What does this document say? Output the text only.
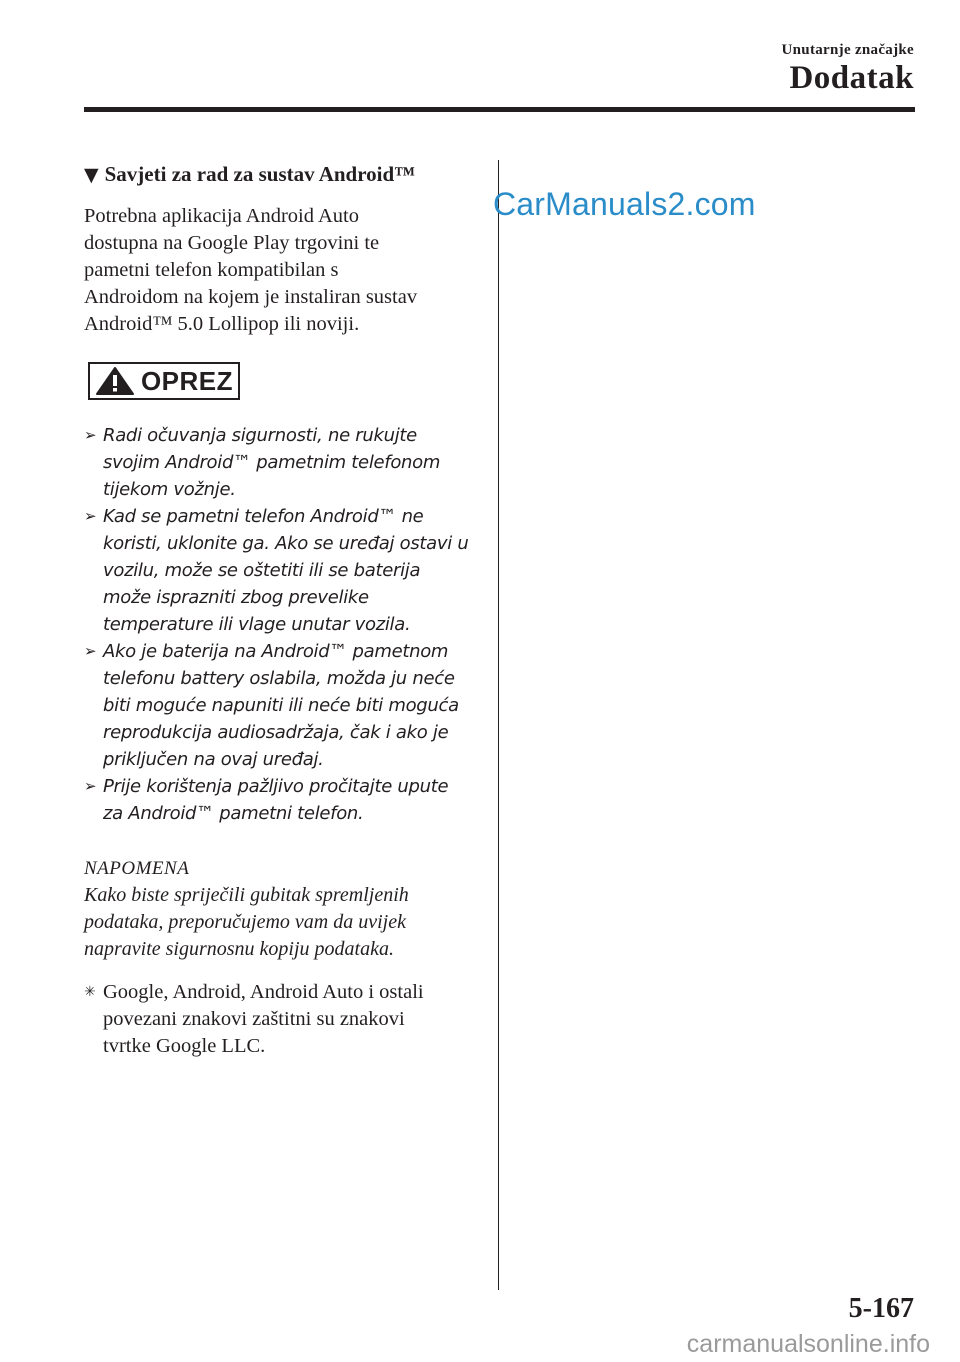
Unutarnje značajke
Dodatak
CarManuals2.com
▼ Savjeti za rad za sustav Android™

Potrebna aplikacija Android Auto
dostupna na Google Play trgovini te
pametni telefon kompatibilan s
Androidom na kojem je instaliran sustav
Android™ 5.0 Lollipop ili noviji.

OPREZ
➢ Radi očuvanja sigurnosti, ne rukujte
svojim Android™ pametnim telefonom
tijekom vožnje.
➢ Kad se pametni telefon Android™ ne
koristi, uklonite ga. Ako se uređaj ostavi u
vozilu, može se oštetiti ili se baterija
može isprazniti zbog prevelike
temperature ili vlage unutar vozila.
➢ Ako je baterija na Android™ pametnom
telefonu battery oslabila, možda ju neće
biti moguće napuniti ili neće biti moguća
reprodukcija audiosadržaja, čak i ako je
priključen na ovaj uređaj.
➢ Prije korištenja pažljivo pročitajte upute
za Android™ pametni telefon.
NAPOMENA

Kako biste spriječili gubitak spremljenih
podataka, preporučujemo vam da uvijek
napravite sigurnosnu kopiju podataka.

✳ Google, Android, Android Auto i ostali
povezani znakovi zaštitni su znakovi
tvrtke Google LLC.
5-167
carmanualsonline.info
